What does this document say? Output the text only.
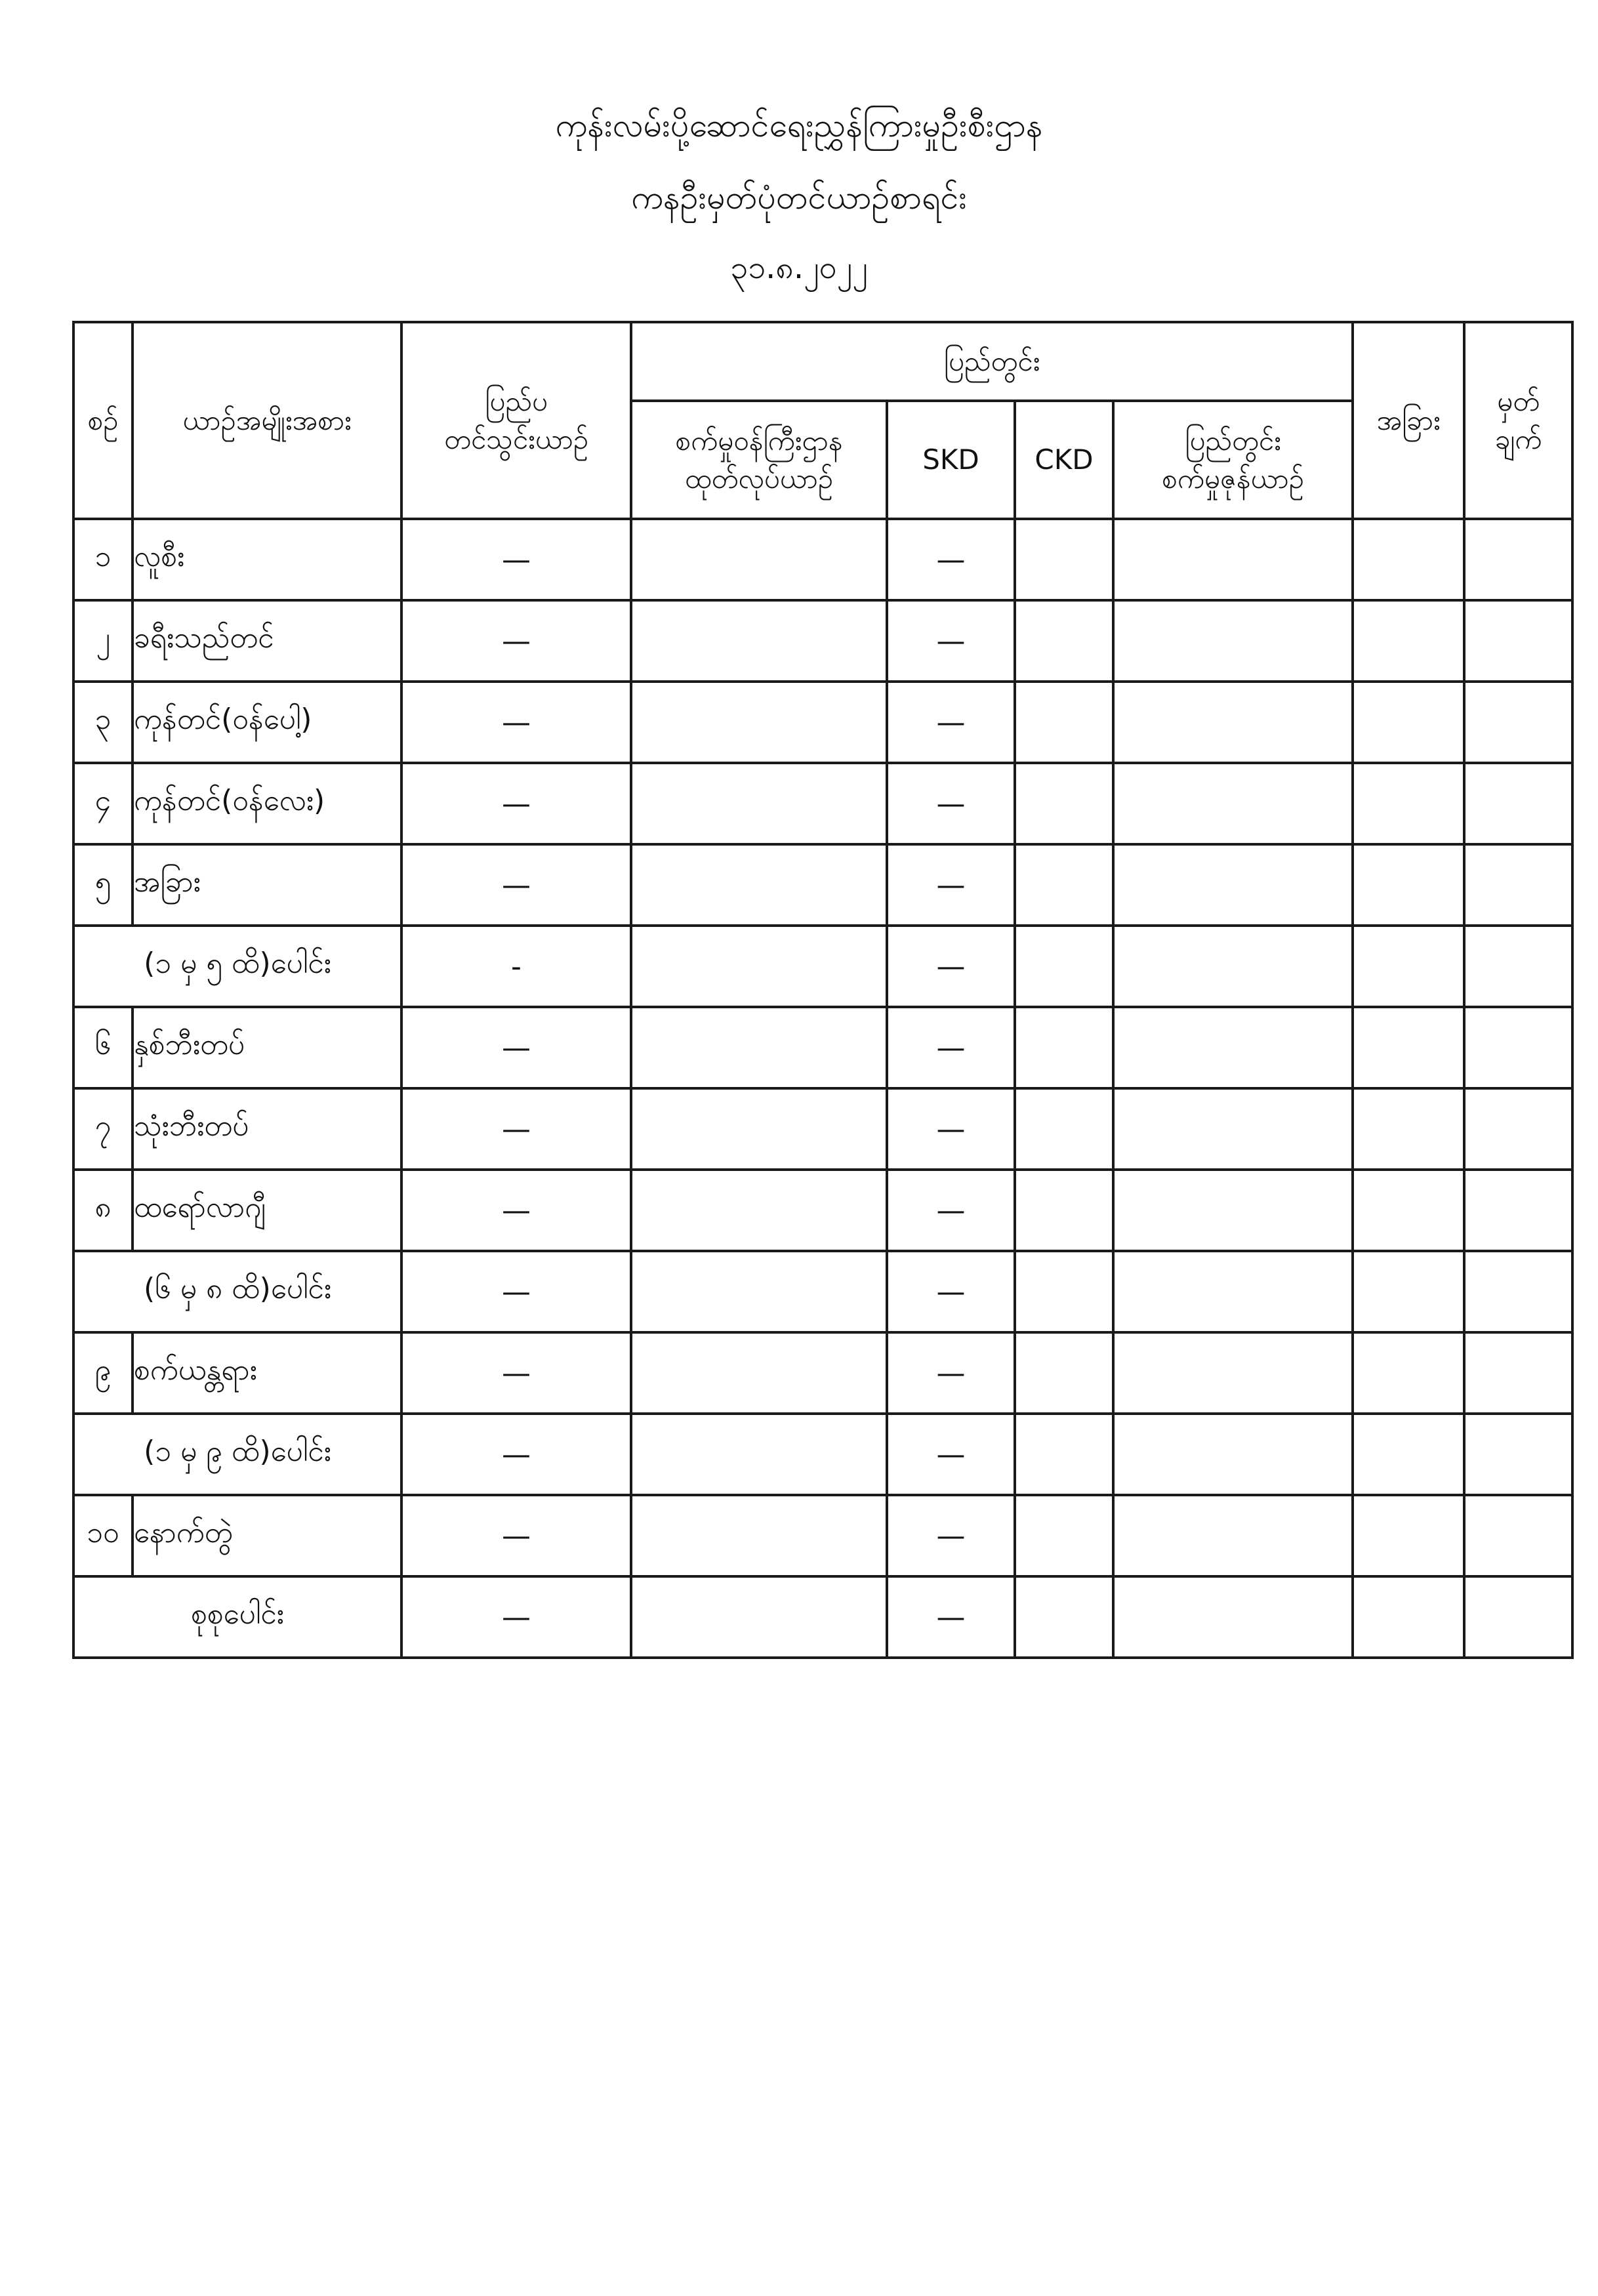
ကုန်းလမ်းပို့ဆောင်ရေးညွှန်ကြားမှုဦးစီးဌာန
ကနဦးမှတ်ပုံတင်ယာဉ်စာရင်း
၃၁.၈.၂၀၂၂
စဉ်	ယာဉ်အမျိုးအစား	ပြည်ပ
တင်သွင်းယာဉ်	ပြည်တွင်း				အခြား	မှတ်
ချက်
			စက်မှုဝန်ကြီးဌာန
ထုတ်လုပ်ယာဉ်	SKD	CKD	ပြည်တွင်း
စက်မှုဇုန်ယာဉ်		
၁	လူစီး	—		—				
၂	ခရီးသည်တင်	—		—				
၃	ကုန်တင်(ဝန်ပေါ့)	—		—				
၄	ကုန်တင်(ဝန်လေး)	—		—				
၅	အခြား	—		—				
(၁ မှ ၅ ထိ)ပေါင်း		-		—				
၆	နှစ်ဘီးတပ်	—		—				
၇	သုံးဘီးတပ်	—		—				
၈	ထရော်လာဂျီ	—		—				
(၆ မှ ၈ ထိ)ပေါင်း		—		—				
၉	စက်ယန္တရား	—		—				
(၁ မှ ၉ ထိ)ပေါင်း		—		—				
၁၀	နောက်တွဲ	—		—				
စုစုပေါင်း		—		—				
